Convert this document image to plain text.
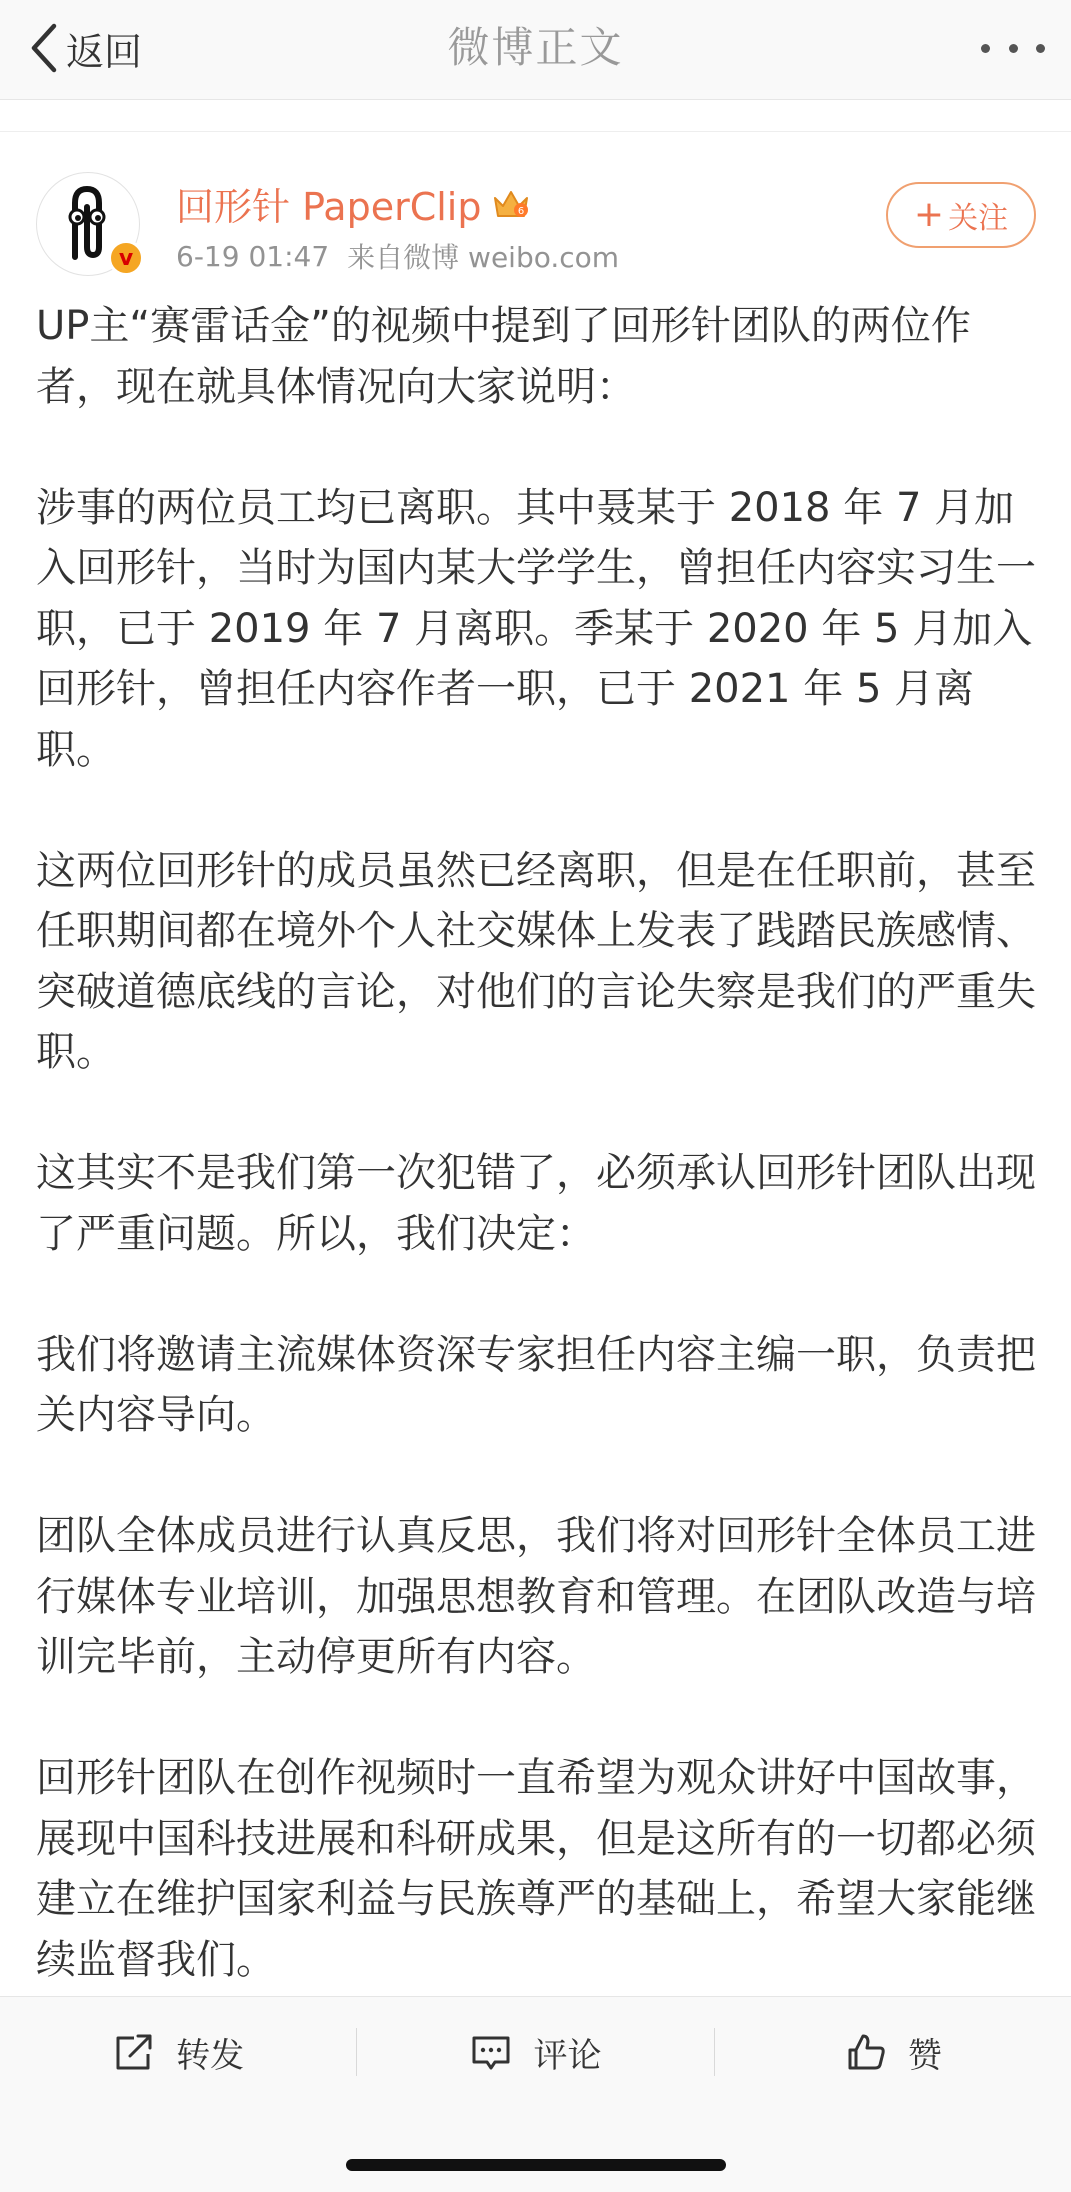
返回	微博正文
v
回形针 PaperClip	6
6-19 01:47 来自微博 weibo.com
+ 关注

UP主“赛雷话金”的视频中提到了回形针团队的两位作者，现在就具体情况向大家说明：

涉事的两位员工均已离职。其中聂某于 2018 年 7 月加入回形针，当时为国内某大学学生，曾担任内容实习生一职，已于 2019 年 7 月离职。季某于 2020 年 5 月加入回形针，曾担任内容作者一职，已于 2021 年 5 月离职。

这两位回形针的成员虽然已经离职，但是在任职前，甚至任职期间都在境外个人社交媒体上发表了践踏民族感情、突破道德底线的言论，对他们的言论失察是我们的严重失职。

这其实不是我们第一次犯错了，必须承认回形针团队出现了严重问题。所以，我们决定：

我们将邀请主流媒体资深专家担任内容主编一职，负责把关内容导向。

团队全体成员进行认真反思，我们将对回形针全体员工进行媒体专业培训，加强思想教育和管理。在团队改造与培训完毕前，主动停更所有内容。

回形针团队在创作视频时一直希望为观众讲好中国故事，展现中国科技进展和科研成果，但是这所有的一切都必须建立在维护国家利益与民族尊严的基础上，希望大家能继续监督我们。

转发	评论	赞
